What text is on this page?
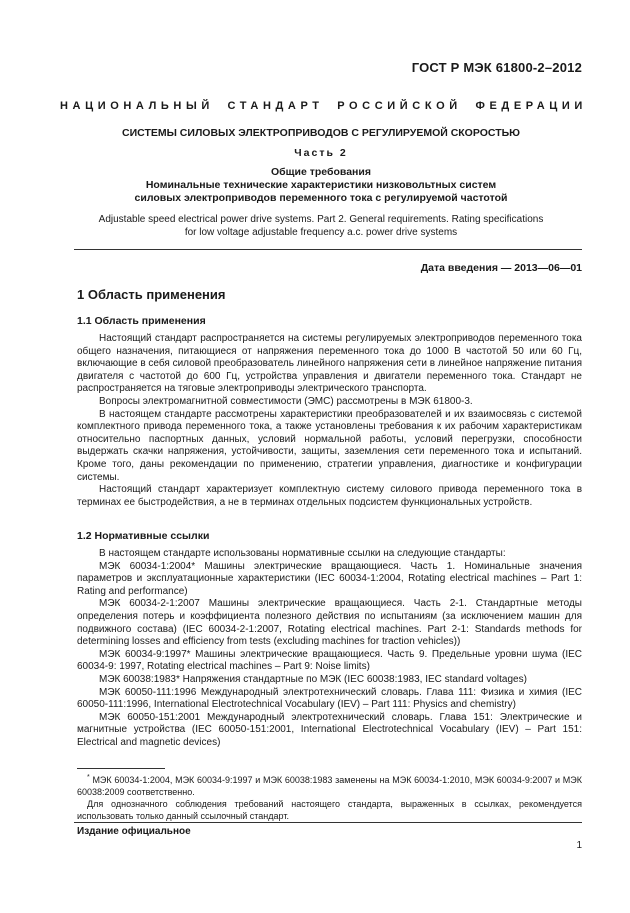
ГОСТ Р МЭК 61800-2–2012
НАЦИОНАЛЬНЫЙ СТАНДАРТ РОССИЙСКОЙ ФЕДЕРАЦИИ
СИСТЕМЫ СИЛОВЫХ ЭЛЕКТРОПРИВОДОВ С РЕГУЛИРУЕМОЙ СКОРОСТЬЮ
Часть 2
Общие требования
Номинальные технические характеристики низковольтных систем
силовых электроприводов переменного тока с регулируемой частотой
Adjustable speed electrical power drive systems. Part 2. General requirements. Rating specifications
for low voltage adjustable frequency a.c. power drive systems
Дата введения — 2013—06—01
1 Область применения
1.1 Область применения

Настоящий стандарт распространяется на системы регулируемых электроприводов переменного тока общего назначения, питающиеся от напряжения переменного тока до 1000 В частотой 50 или 60 Гц, включающие в себя силовой преобразователь линейного напряжения сети в линейное напряжение питания двигателя с частотой до 600 Гц, устройства управления и двигатели переменного тока. Стандарт не распространяется на тяговые электроприводы электрического транспорта.

Вопросы электромагнитной совместимости (ЭМС) рассмотрены в МЭК 61800-3.

В настоящем стандарте рассмотрены характеристики преобразователей и их взаимосвязь с системой комплектного привода переменного тока, а также установлены требования к их рабочим характеристикам относительно паспортных данных, условий нормальной работы, условий перегрузки, способности выдержать скачки напряжения, устойчивости, защиты, заземления сети переменного тока и испытаний. Кроме того, даны рекомендации по применению, стратегии управления, диагностике и конфигурации системы.

Настоящий стандарт характеризует комплектную систему силового привода переменного тока в терминах ее быстродействия, а не в терминах отдельных подсистем функциональных устройств.

1.2 Нормативные ссылки

В настоящем стандарте использованы нормативные ссылки на следующие стандарты:

МЭК 60034-1:2004* Машины электрические вращающиеся. Часть 1. Номинальные значения параметров и эксплуатационные характеристики (IEC 60034-1:2004, Rotating electrical machines – Part 1: Rating and performance)

МЭК 60034-2-1:2007 Машины электрические вращающиеся. Часть 2-1. Стандартные методы определения потерь и коэффициента полезного действия по испытаниям (за исключением машин для подвижного состава) (IEC 60034-2-1:2007, Rotating electrical machines. Part 2-1: Standards methods for determining losses and efficiency from tests (excluding machines for traction vehicles))

МЭК 60034-9:1997* Машины электрические вращающиеся. Часть 9. Предельные уровни шума (IEC 60034-9: 1997, Rotating electrical machines – Part 9: Noise limits)

МЭК 60038:1983* Напряжения стандартные по МЭК (IEC 60038:1983, IEC standard voltages)

МЭК 60050-111:1996 Международный электротехнический словарь. Глава 111: Физика и химия (IEC 60050-111:1996, International Electrotechnical Vocabulary (IEV) – Part 111: Physics and chemistry)

МЭК 60050-151:2001 Международный электротехнический словарь. Глава 151: Электрические и магнитные устройства (IEC 60050-151:2001, International Electrotechnical Vocabulary (IEV) – Part 151: Electrical and magnetic devices)

* МЭК 60034-1:2004, МЭК 60034-9:1997 и МЭК 60038:1983 заменены на МЭК 60034-1:2010, МЭК 60034-9:2007 и МЭК 60038:2009 соответственно.

Для однозначного соблюдения требований настоящего стандарта, выраженных в ссылках, рекомендуется использовать только данный ссылочный стандарт.

Издание официальное
1
